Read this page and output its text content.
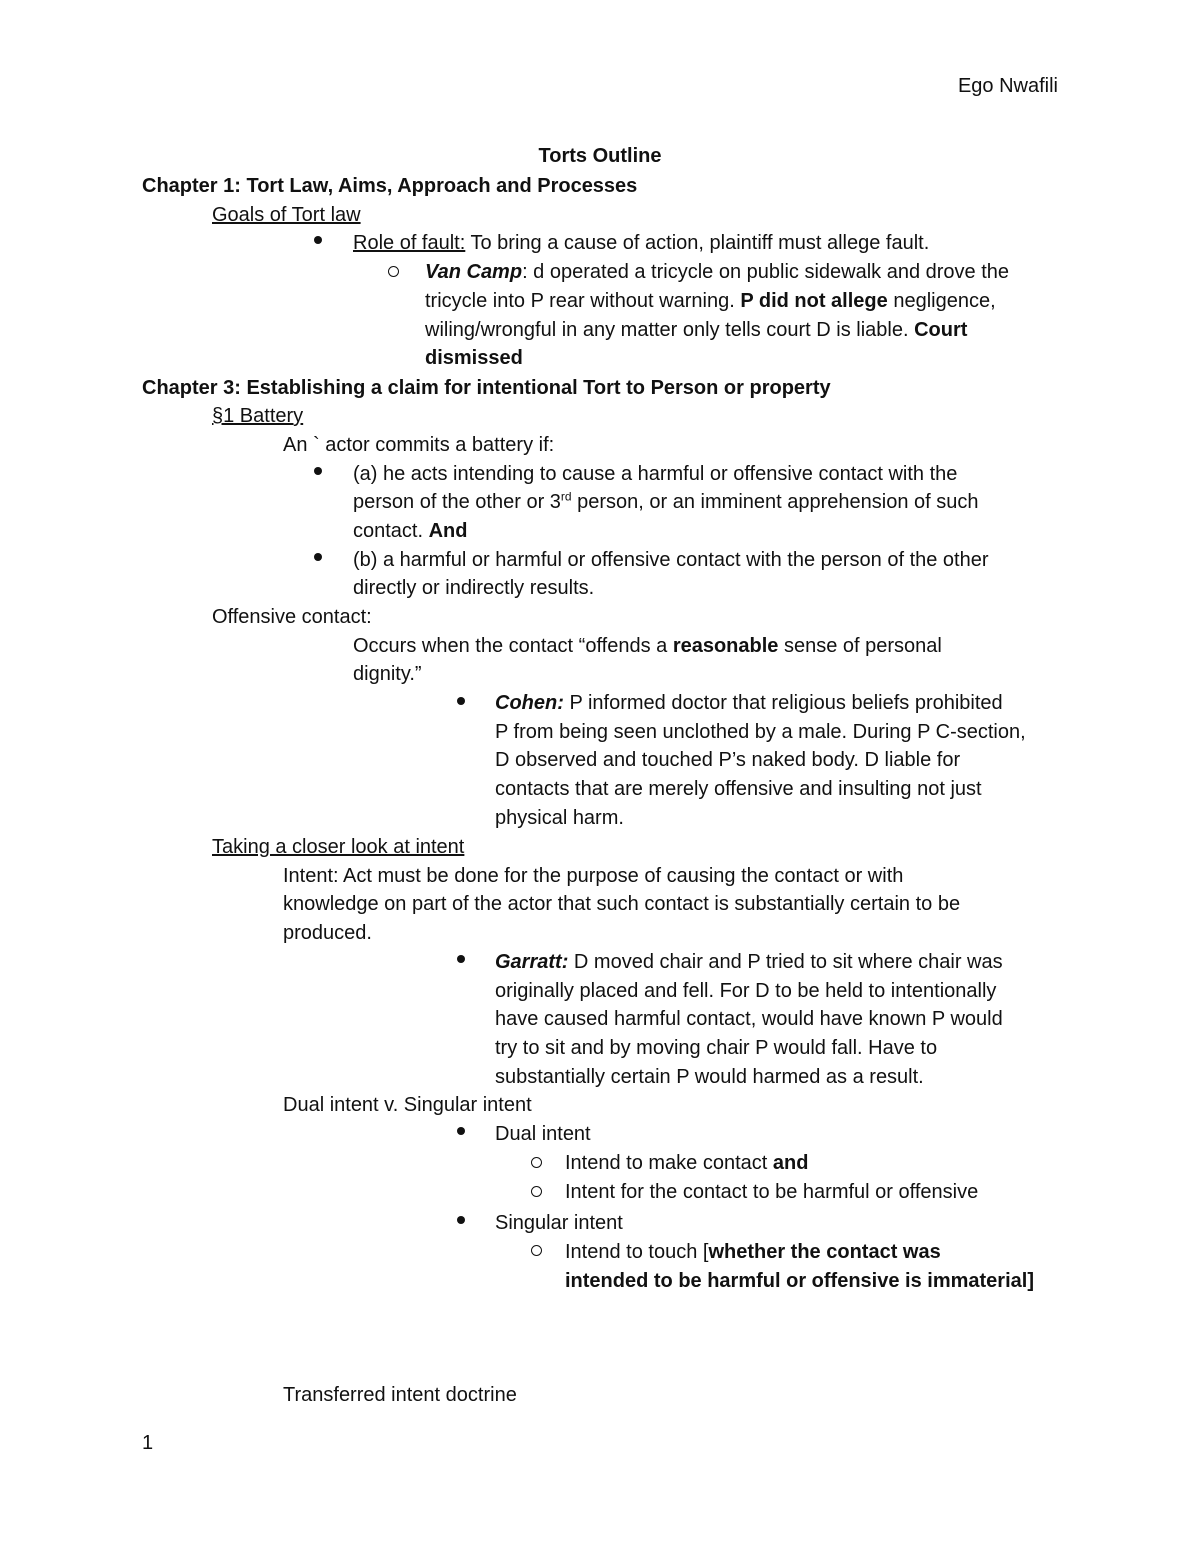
Ego Nwafili
Torts Outline
Chapter 1: Tort Law, Aims, Approach and Processes
Goals of Tort law
Role of fault: To bring a cause of action, plaintiff must allege fault.
Van Camp: d operated a tricycle on public sidewalk and drove the
tricycle into P rear without warning. P did not allege negligence,
wiling/wrongful in any matter only tells court D is liable. Court
dismissed
Chapter 3: Establishing a claim for intentional Tort to Person or property
§1 Battery
An ` actor commits a battery if:
(a) he acts intending to cause a harmful or offensive contact with the
person of the other or 3rd person, or an imminent apprehension of such
contact. And
(b) a harmful or harmful or offensive contact with the person of the other
directly or indirectly results.
Offensive contact:
Occurs when the contact “offends a reasonable sense of personal
dignity.”
Cohen: P informed doctor that religious beliefs prohibited
P from being seen unclothed by a male. During P C-section,
D observed and touched P’s naked body. D liable for
contacts that are merely offensive and insulting not just
physical harm.
Taking a closer look at intent
Intent: Act must be done for the purpose of causing the contact or with
knowledge on part of the actor that such contact is substantially certain to be
produced.
Garratt: D moved chair and P tried to sit where chair was
originally placed and fell. For D to be held to intentionally
have caused harmful contact, would have known P would
try to sit and by moving chair P would fall. Have to
substantially certain P would harmed as a result.
Dual intent v. Singular intent
Dual intent
Intend to make contact and
Intent for the contact to be harmful or offensive
Singular intent
Intend to touch [whether the contact was
intended to be harmful or offensive is immaterial]
Transferred intent doctrine
1
